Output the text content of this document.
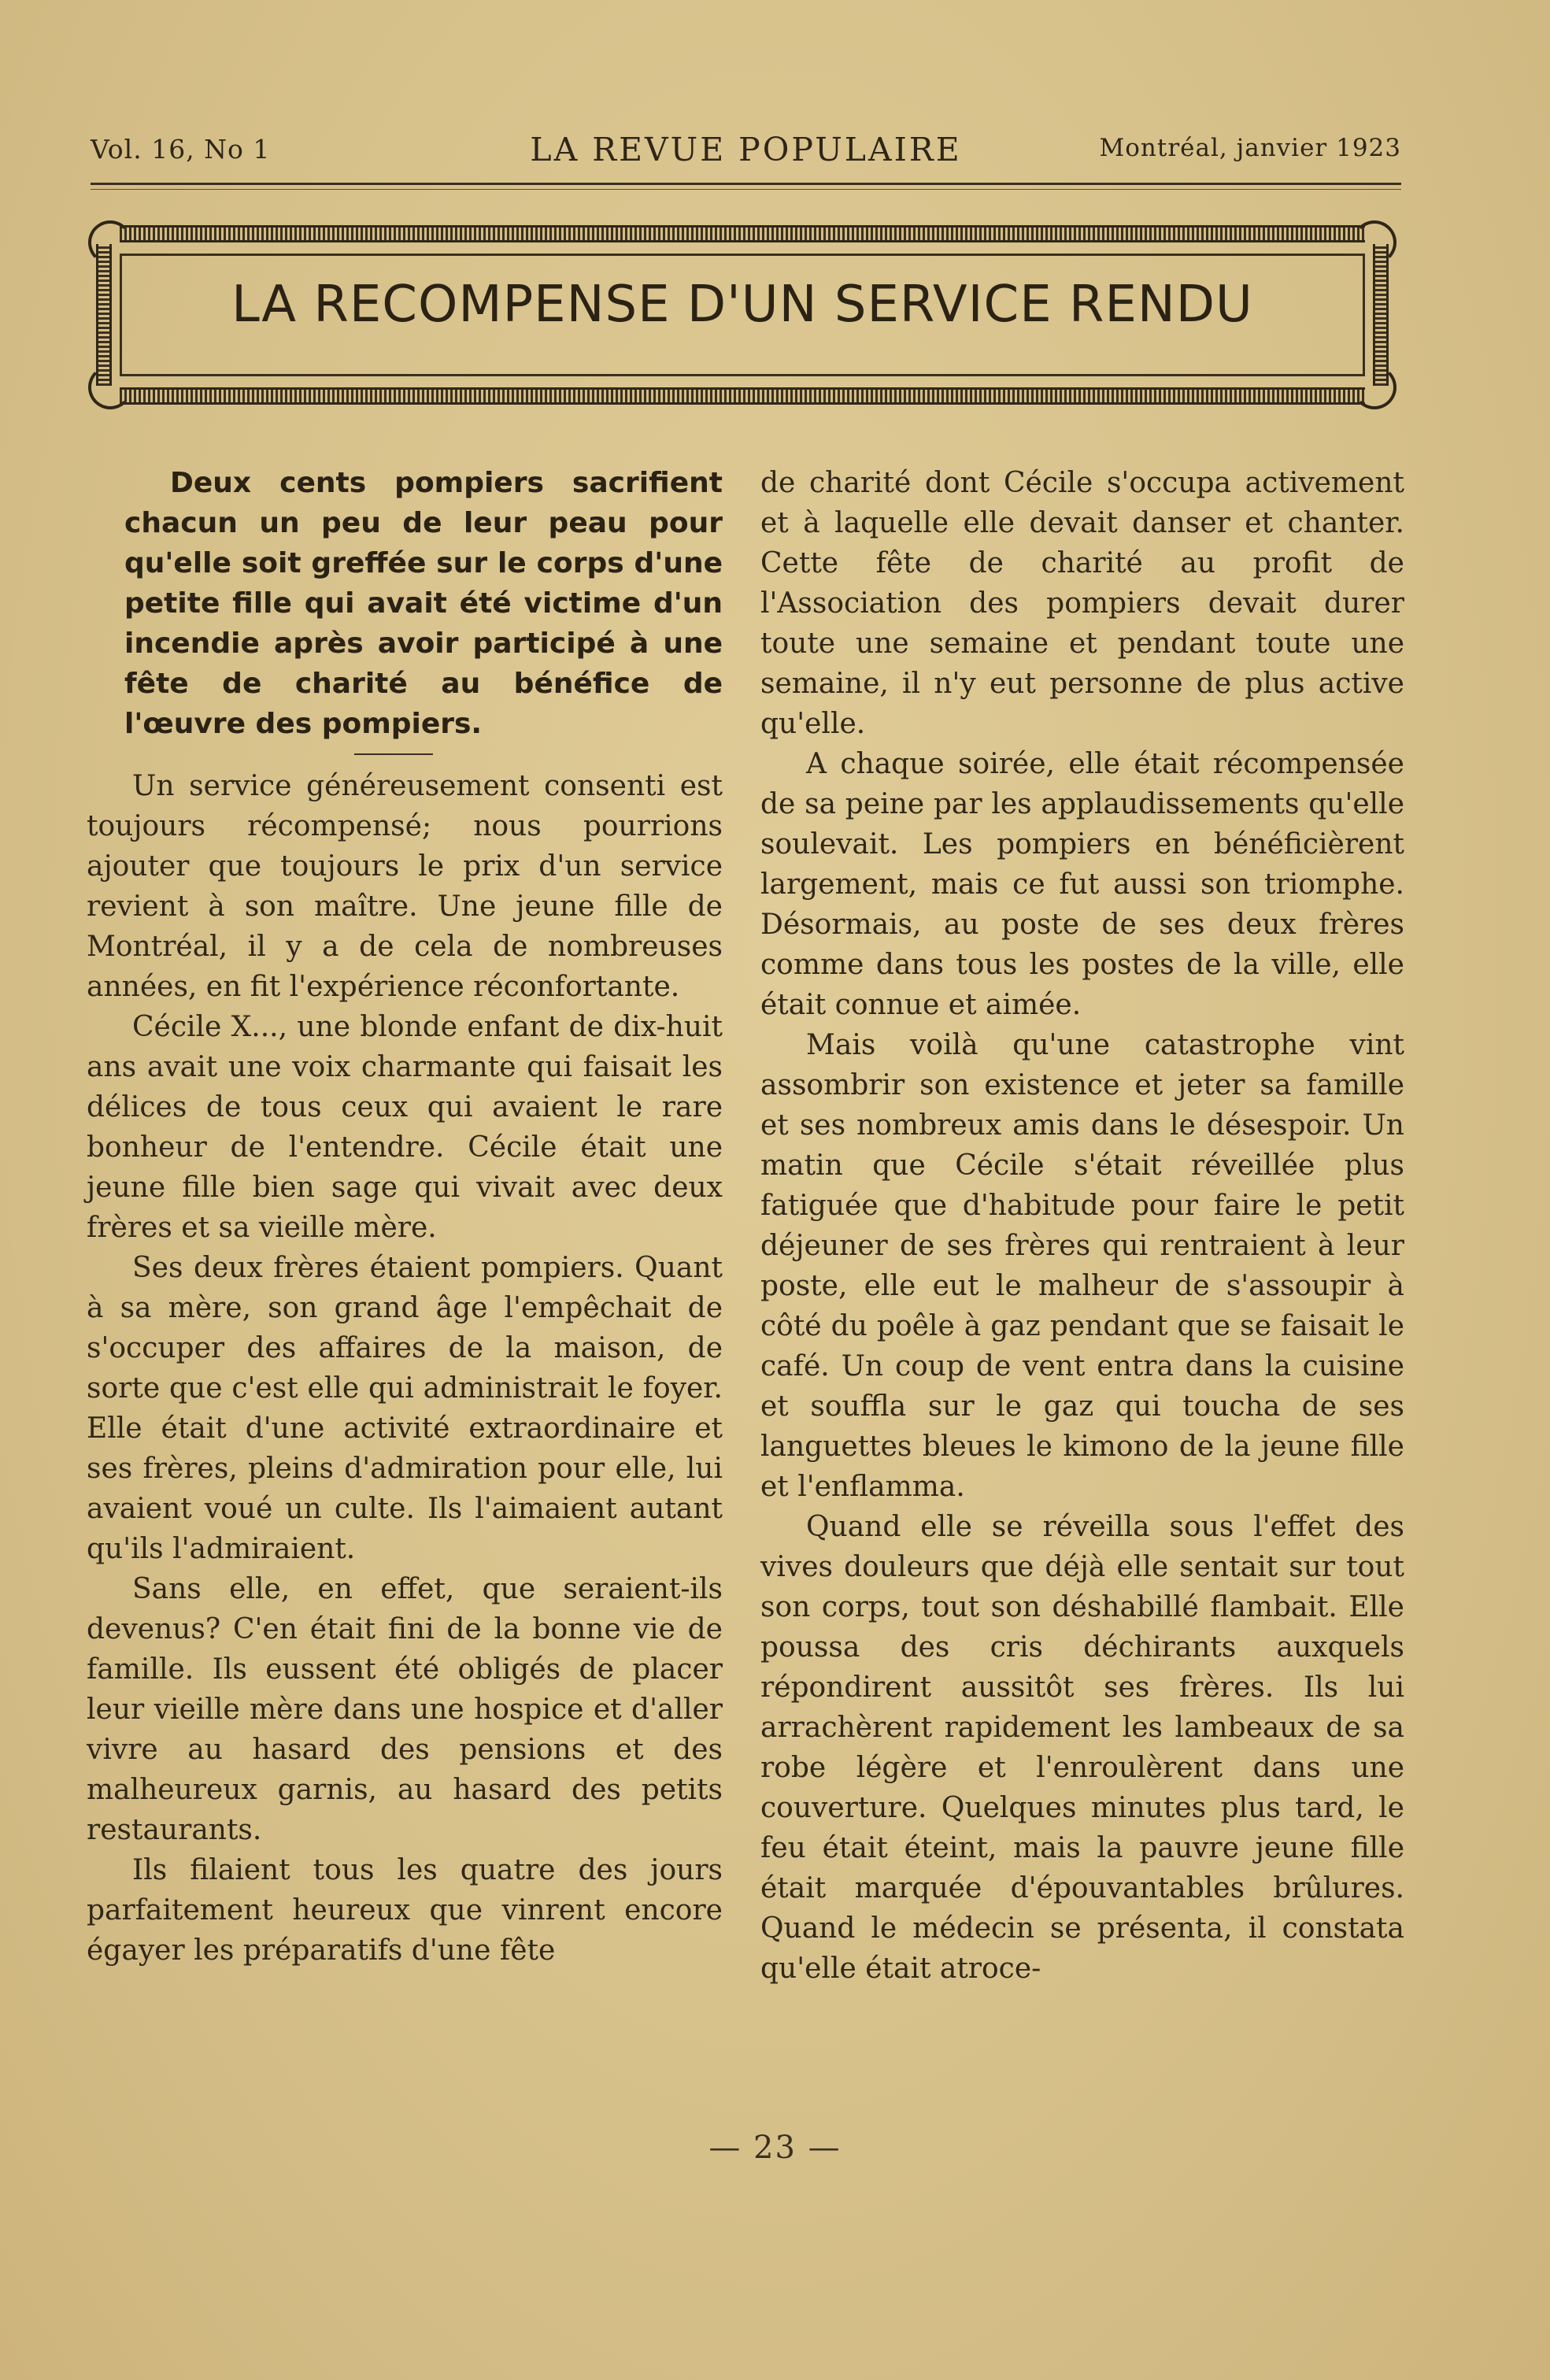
Vol. 16, No 1	LA REVUE POPULAIRE	Montréal, janvier 1923
LA RECOMPENSE D'UN SERVICE RENDU

Deux cents pompiers sacrifient chacun un peu de leur peau pour qu'elle soit greffée sur le corps d'une petite fille qui avait été victime d'un incendie après avoir participé à une fête de charité au bénéfice de l'œuvre des pompiers.

Un service généreusement consenti est toujours récompensé; nous pourrions ajouter que toujours le prix d'un service revient à son maître. Une jeune fille de Montréal, il y a de cela de nombreuses années, en fit l'expérience réconfortante.

Cécile X..., une blonde enfant de dix-huit ans avait une voix charmante qui faisait les délices de tous ceux qui avaient le rare bonheur de l'entendre. Cécile était une jeune fille bien sage qui vivait avec deux frères et sa vieille mère.

Ses deux frères étaient pompiers. Quant à sa mère, son grand âge l'empêchait de s'occuper des affaires de la maison, de sorte que c'est elle qui administrait le foyer. Elle était d'une activité extraordinaire et ses frères, pleins d'admiration pour elle, lui avaient voué un culte. Ils l'aimaient autant qu'ils l'admiraient.

Sans elle, en effet, que seraient-ils devenus? C'en était fini de la bonne vie de famille. Ils eussent été obligés de placer leur vieille mère dans une hospice et d'aller vivre au hasard des pensions et des malheureux garnis, au hasard des petits restaurants.

Ils filaient tous les quatre des jours parfaitement heureux que vinrent encore égayer les préparatifs d'une fête

de charité dont Cécile s'occupa activement et à laquelle elle devait danser et chanter. Cette fête de charité au profit de l'Association des pompiers devait durer toute une semaine et pendant toute une semaine, il n'y eut personne de plus active qu'elle.

A chaque soirée, elle était récompensée de sa peine par les applaudissements qu'elle soulevait. Les pompiers en bénéficièrent largement, mais ce fut aussi son triomphe. Désormais, au poste de ses deux frères comme dans tous les postes de la ville, elle était connue et aimée.

Mais voilà qu'une catastrophe vint assombrir son existence et jeter sa famille et ses nombreux amis dans le désespoir. Un matin que Cécile s'était réveillée plus fatiguée que d'habitude pour faire le petit déjeuner de ses frères qui rentraient à leur poste, elle eut le malheur de s'assoupir à côté du poêle à gaz pendant que se faisait le café. Un coup de vent entra dans la cuisine et souffla sur le gaz qui toucha de ses languettes bleues le kimono de la jeune fille et l'enflamma.

Quand elle se réveilla sous l'effet des vives douleurs que déjà elle sentait sur tout son corps, tout son déshabillé flambait. Elle poussa des cris déchirants auxquels répondirent aussitôt ses frères. Ils lui arrachèrent rapidement les lambeaux de sa robe légère et l'enroulèrent dans une couverture. Quelques minutes plus tard, le feu était éteint, mais la pauvre jeune fille était marquée d'épouvantables brûlures. Quand le médecin se présenta, il constata qu'elle était atroce-

— 23 —
